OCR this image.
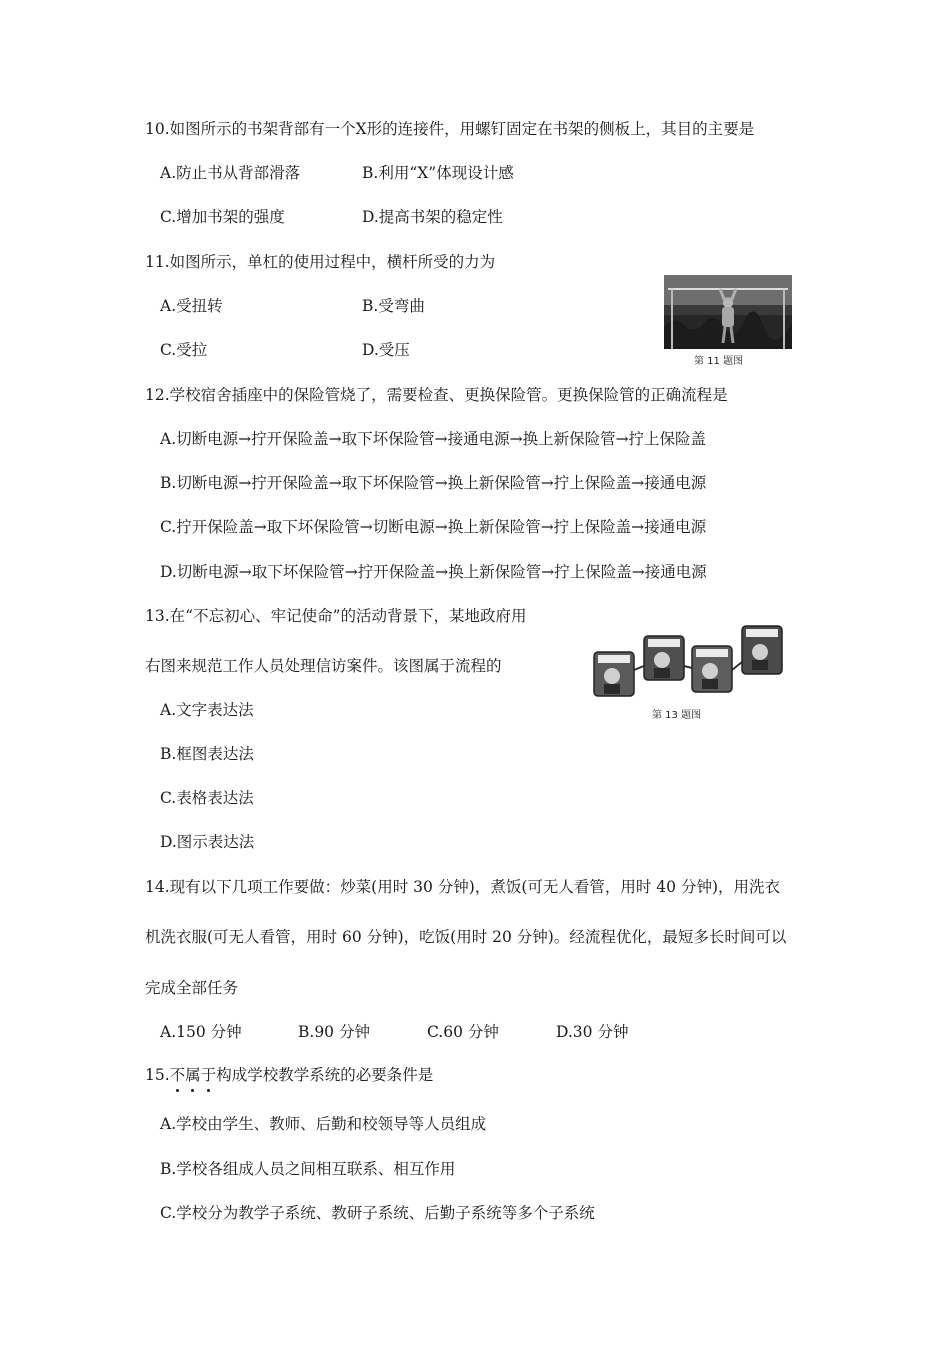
10.如图所示的书架背部有一个X形的连接件，用螺钉固定在书架的侧板上，其目的主要是
A.防止书从背部滑落	B.利用“X”体现设计感
C.增加书架的强度	D.提高书架的稳定性
11.如图所示，单杠的使用过程中，横杆所受的力为
A.受扭转	B.受弯曲
C.受拉	D.受压
第 11 题图
12.学校宿舍插座中的保险管烧了，需要检查、更换保险管。更换保险管的正确流程是
A.切断电源→拧开保险盖→取下坏保险管→接通电源→换上新保险管→拧上保险盖
B.切断电源→拧开保险盖→取下坏保险管→换上新保险管→拧上保险盖→接通电源
C.拧开保险盖→取下坏保险管→切断电源→换上新保险管→拧上保险盖→接通电源
D.切断电源→取下坏保险管→拧开保险盖→换上新保险管→拧上保险盖→接通电源
13.在“不忘初心、牢记使命”的活动背景下，某地政府用
右图来规范工作人员处理信访案件。该图属于流程的
A.文字表达法
B.框图表达法
C.表格表达法
D.图示表达法
第 13 题图
14.现有以下几项工作要做：炒菜(用时 30 分钟)，煮饭(可无人看管，用时 40 分钟)，用洗衣
机洗衣服(可无人看管，用时 60 分钟)，吃饭(用时 20 分钟)。经流程优化，最短多长时间可以
完成全部任务
A.150 分钟	B.90 分钟	C.60 分钟	D.30 分钟
15.不属于构成学校教学系统的必要条件是
A.学校由学生、教师、后勤和校领导等人员组成
B.学校各组成人员之间相互联系、相互作用
C.学校分为教学子系统、教研子系统、后勤子系统等多个子系统
